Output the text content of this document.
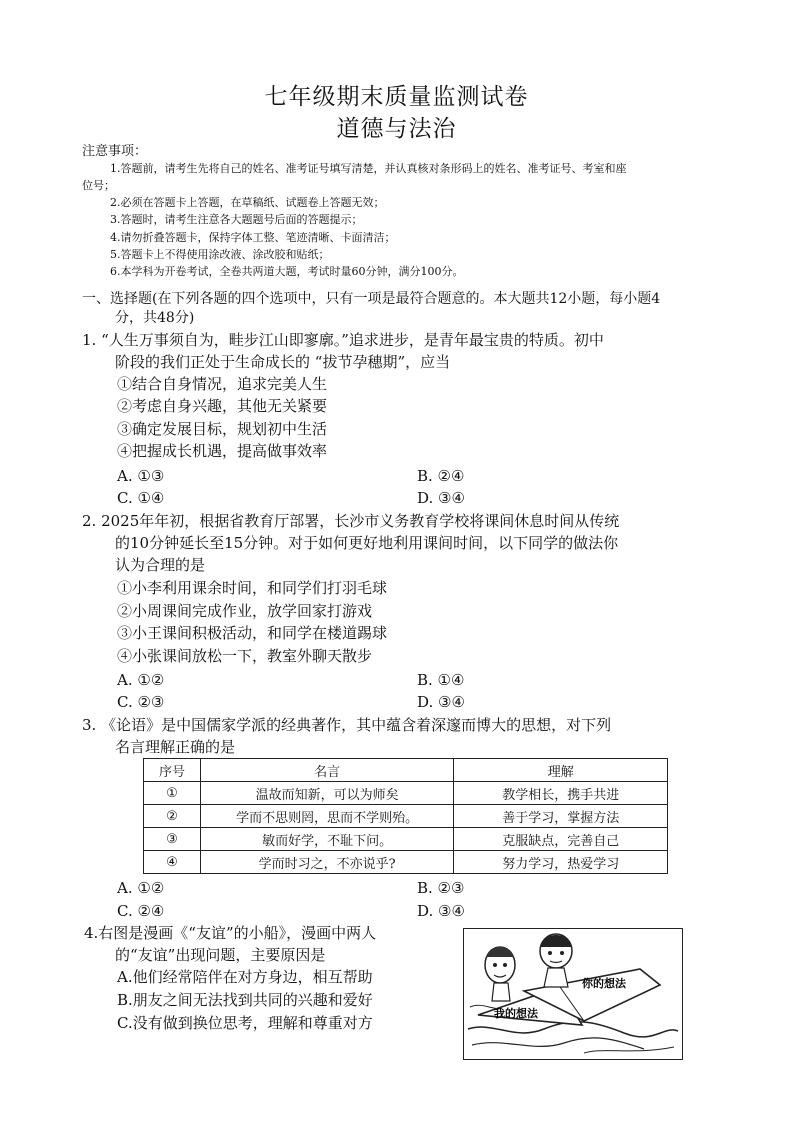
七年级期末质量监测试卷
道德与法治
注意事项：
1.答题前，请考生先将自己的姓名、准考证号填写清楚，并认真核对条形码上的姓名、准考证号、考室和座
位号；
2.必须在答题卡上答题，在草稿纸、试题卷上答题无效；
3.答题时，请考生注意各大题题号后面的答题提示；
4.请勿折叠答题卡，保持字体工整、笔迹清晰、卡面清洁；
5.答题卡上不得使用涂改液、涂改胶和贴纸；
6.本学科为开卷考试，全卷共两道大题，考试时量60分钟，满分100分。
一、选择题(在下列各题的四个选项中，只有一项是最符合题意的。本大题共12小题，每小题4
分，共48分)
1. “人生万事须自为，畦步江山即寥廓。”追求进步，是青年最宝贵的特质。初中
阶段的我们正处于生命成长的 “拔节孕穗期”，应当
①结合自身情况，追求完美人生
②考虑自身兴趣，其他无关紧要
③确定发展目标，规划初中生活
④把握成长机遇，提高做事效率
A. ①③	B. ②④
C. ①④	D. ③④
2. 2025年年初，根据省教育厅部署，长沙市义务教育学校将课间休息时间从传统
的10分钟延长至15分钟。对于如何更好地利用课间时间，以下同学的做法你
认为合理的是
①小李利用课余时间，和同学们打羽毛球
②小周课间完成作业，放学回家打游戏
③小王课间积极活动，和同学在楼道踢球
④小张课间放松一下，教室外聊天散步
A. ①②	B. ①④
C. ②③	D. ③④
3. 《论语》是中国儒家学派的经典著作，其中蕴含着深邃而博大的思想，对下列
名言理解正确的是
序号	名言	理解
①	温故而知新，可以为师矣	教学相长，携手共进
②	学而不思则罔，思而不学则殆。	善于学习，掌握方法
③	敏而好学，不耻下问。	克服缺点，完善自己
④	学而时习之，不亦说乎?	努力学习，热爱学习
A. ①②	B. ②③
C. ②④	D. ③④
4.右图是漫画《“友谊”的小船》，漫画中两人
的“友谊”出现问题，主要原因是
A.他们经常陪伴在对方身边，相互帮助
B.朋友之间无法找到共同的兴趣和爱好
C.没有做到换位思考，理解和尊重对方
你的想法
我的想法
